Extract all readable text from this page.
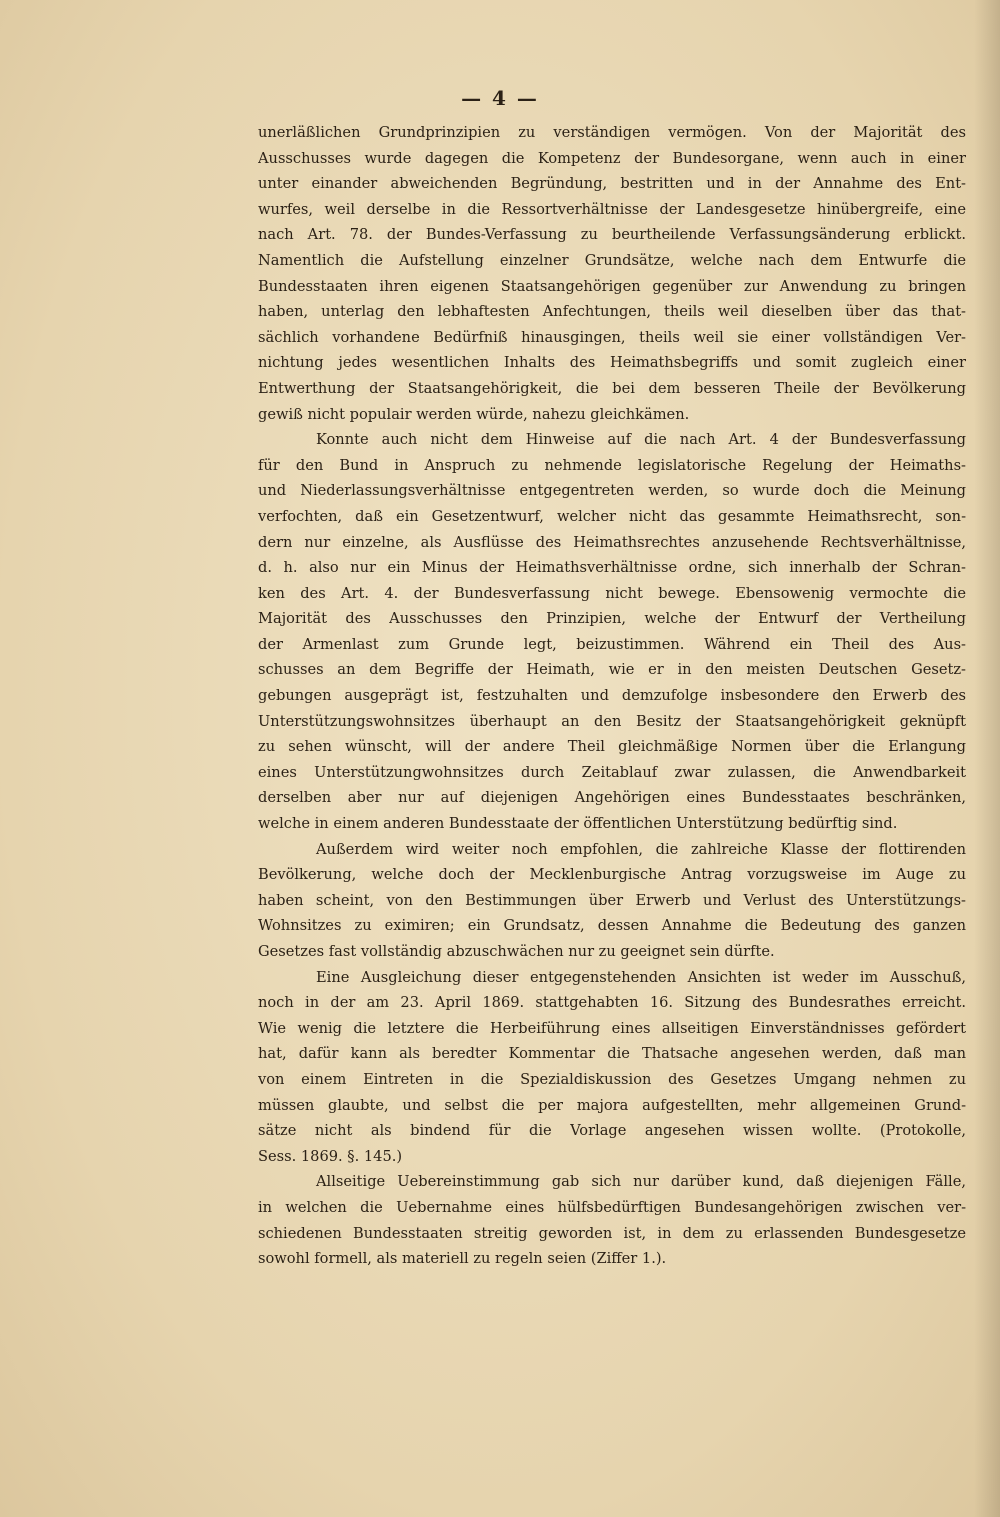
— 4 —
unerläßlichen Grundprinzipien zu verständigen vermögen. Von der Majorität des
Ausschusses wurde dagegen die Kompetenz der Bundesorgane, wenn auch in einer
unter einander abweichenden Begründung, bestritten und in der Annahme des Ent-
wurfes, weil derselbe in die Ressortverhältnisse der Landesgesetze hinübergreife, eine
nach Art. 78. der Bundes-Verfassung zu beurtheilende Verfassungsänderung erblickt.
Namentlich die Aufstellung einzelner Grundsätze, welche nach dem Entwurfe die
Bundesstaaten ihren eigenen Staatsangehörigen gegenüber zur Anwendung zu bringen
haben, unterlag den lebhaftesten Anfechtungen, theils weil dieselben über das that-
sächlich vorhandene Bedürfniß hinausgingen, theils weil sie einer vollständigen Ver-
nichtung jedes wesentlichen Inhalts des Heimathsbegriffs und somit zugleich einer
Entwerthung der Staatsangehörigkeit, die bei dem besseren Theile der Bevölkerung
gewiß nicht populair werden würde, nahezu gleichkämen.
Konnte auch nicht dem Hinweise auf die nach Art. 4 der Bundesverfassung
für den Bund in Anspruch zu nehmende legislatorische Regelung der Heimaths-
und Niederlassungsverhältnisse entgegentreten werden, so wurde doch die Meinung
verfochten, daß ein Gesetzentwurf, welcher nicht das gesammte Heimathsrecht, son-
dern nur einzelne, als Ausflüsse des Heimathsrechtes anzusehende Rechtsverhältnisse,
d. h. also nur ein Minus der Heimathsverhältnisse ordne, sich innerhalb der Schran-
ken des Art. 4. der Bundesverfassung nicht bewege. Ebensowenig vermochte die
Majorität des Ausschusses den Prinzipien, welche der Entwurf der Vertheilung
der Armenlast zum Grunde legt, beizustimmen. Während ein Theil des Aus-
schusses an dem Begriffe der Heimath, wie er in den meisten Deutschen Gesetz-
gebungen ausgeprägt ist, festzuhalten und demzufolge insbesondere den Erwerb des
Unterstützungswohnsitzes überhaupt an den Besitz der Staatsangehörigkeit geknüpft
zu sehen wünscht, will der andere Theil gleichmäßige Normen über die Erlangung
eines Unterstützungwohnsitzes durch Zeitablauf zwar zulassen, die Anwendbarkeit
derselben aber nur auf diejenigen Angehörigen eines Bundesstaates beschränken,
welche in einem anderen Bundesstaate der öffentlichen Unterstützung bedürftig sind.
Außerdem wird weiter noch empfohlen, die zahlreiche Klasse der flottirenden
Bevölkerung, welche doch der Mecklenburgische Antrag vorzugsweise im Auge zu
haben scheint, von den Bestimmungen über Erwerb und Verlust des Unterstützungs-
Wohnsitzes zu eximiren; ein Grundsatz, dessen Annahme die Bedeutung des ganzen
Gesetzes fast vollständig abzuschwächen nur zu geeignet sein dürfte.
Eine Ausgleichung dieser entgegenstehenden Ansichten ist weder im Ausschuß,
noch in der am 23. April 1869. stattgehabten 16. Sitzung des Bundesrathes erreicht.
Wie wenig die letztere die Herbeiführung eines allseitigen Einverständnisses gefördert
hat, dafür kann als beredter Kommentar die Thatsache angesehen werden, daß man
von einem Eintreten in die Spezialdiskussion des Gesetzes Umgang nehmen zu
müssen glaubte, und selbst die per majora aufgestellten, mehr allgemeinen Grund-
sätze nicht als bindend für die Vorlage angesehen wissen wollte. (Protokolle,
Sess. 1869. §. 145.)
Allseitige Uebereinstimmung gab sich nur darüber kund, daß diejenigen Fälle,
in welchen die Uebernahme eines hülfsbedürftigen Bundesangehörigen zwischen ver-
schiedenen Bundesstaaten streitig geworden ist, in dem zu erlassenden Bundesgesetze
sowohl formell, als materiell zu regeln seien (Ziffer 1.).
